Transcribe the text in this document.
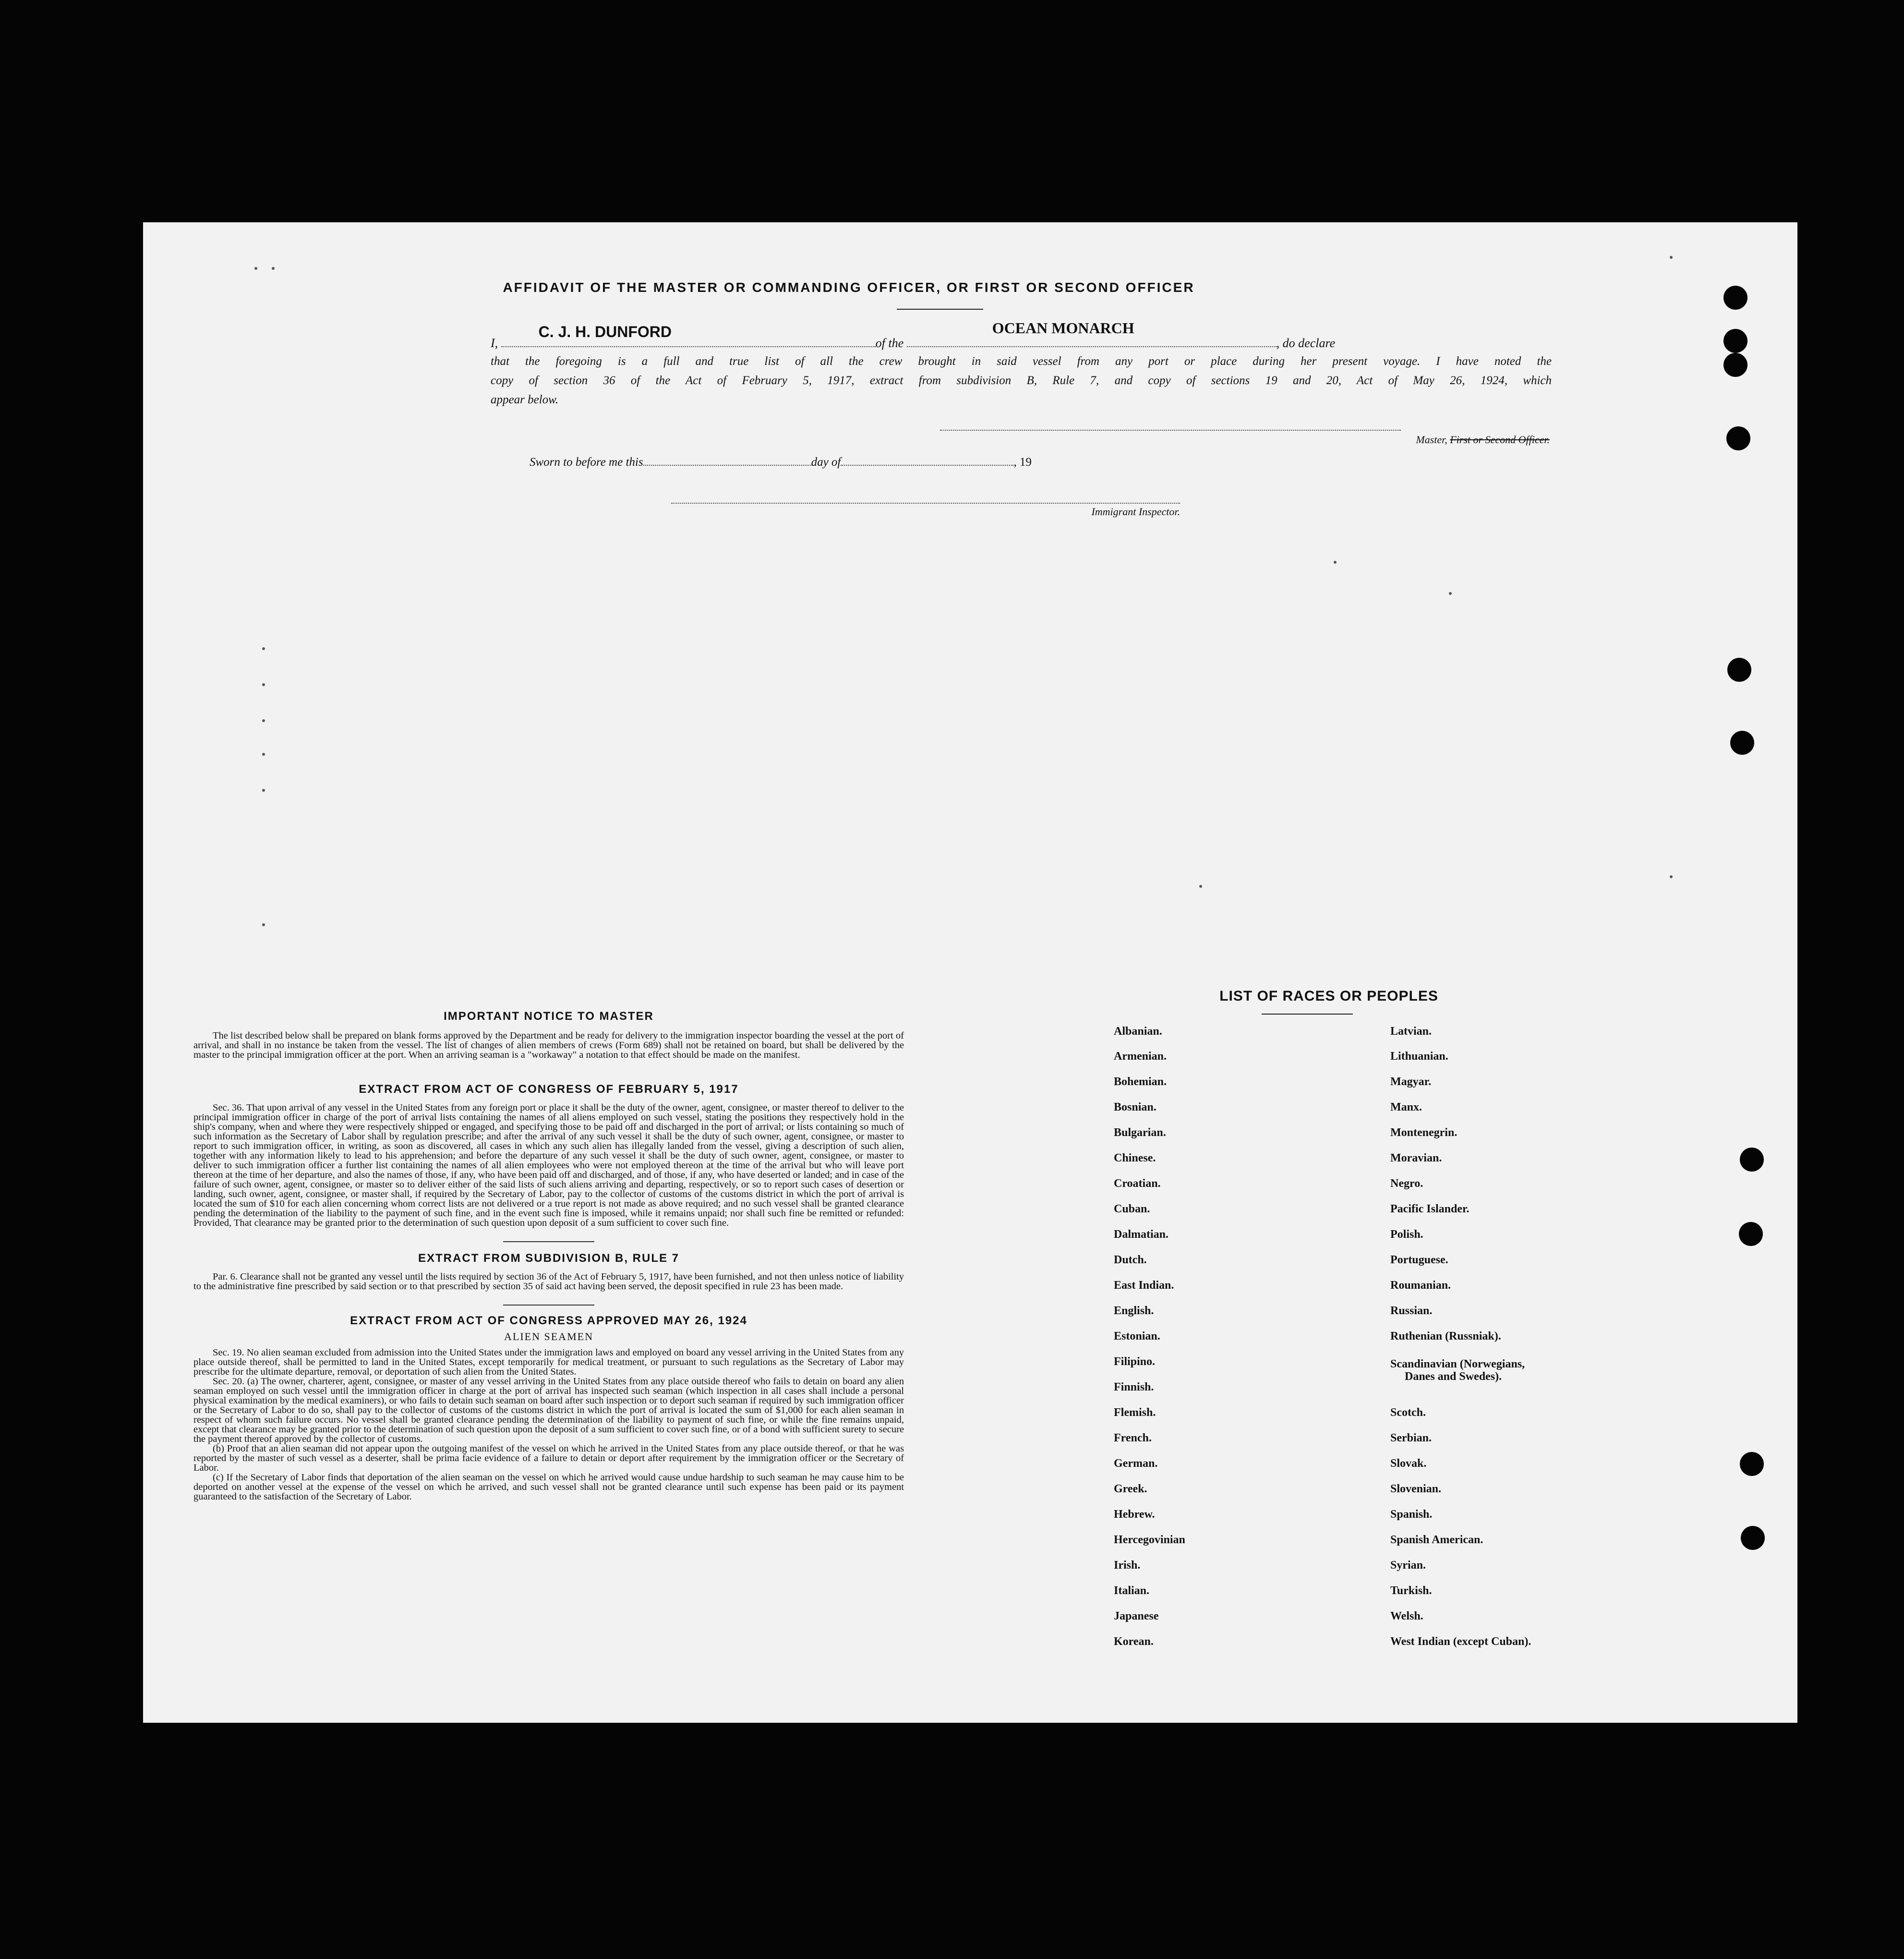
AFFIDAVIT OF THE MASTER OR COMMANDING OFFICER, OR FIRST OR SECOND OFFICER
I,
C. J. H. DUNFORD
of the
OCEAN MONARCH
, do declare
that the foregoing is a full and true list of all the crew brought in said vessel from any port or place during her present voyage. I have noted the
copy of section 36 of the Act of February 5, 1917, extract from subdivision B, Rule 7, and copy of sections 19 and 20, Act of May 26, 1924, which
appear below.
Master, First or Second Officer.
Sworn to before me this	day of	, 19
Immigrant Inspector.
IMPORTANT NOTICE TO MASTER

The list described below shall be prepared on blank forms approved by the Department and be ready for delivery to the immigration inspector boarding the vessel at the port of arrival, and shall in no instance be taken from the vessel. The list of changes of alien members of crews (Form 689) shall not be retained on board, but shall be delivered by the master to the principal immigration officer at the port. When an arriving seaman is a "workaway" a notation to that effect should be made on the manifest.

EXTRACT FROM ACT OF CONGRESS OF FEBRUARY 5, 1917

Sec. 36. That upon arrival of any vessel in the United States from any foreign port or place it shall be the duty of the owner, agent, consignee, or master thereof to deliver to the principal immigration officer in charge of the port of arrival lists containing the names of all aliens employed on such vessel, stating the positions they respectively hold in the ship's company, when and where they were respectively shipped or engaged, and specifying those to be paid off and discharged in the port of arrival; or lists containing so much of such information as the Secretary of Labor shall by regulation prescribe; and after the arrival of any such vessel it shall be the duty of such owner, agent, consignee, or master to report to such immigration officer, in writing, as soon as discovered, all cases in which any such alien has illegally landed from the vessel, giving a description of such alien, together with any information likely to lead to his apprehension; and before the departure of any such vessel it shall be the duty of such owner, agent, consignee, or master to deliver to such immigration officer a further list containing the names of all alien employees who were not employed thereon at the time of the arrival but who will leave port thereon at the time of her departure, and also the names of those, if any, who have been paid off and discharged, and of those, if any, who have deserted or landed; and in case of the failure of such owner, agent, consignee, or master so to deliver either of the said lists of such aliens arriving and departing, respectively, or so to report such cases of desertion or landing, such owner, agent, consignee, or master shall, if required by the Secretary of Labor, pay to the collector of customs of the customs district in which the port of arrival is located the sum of $10 for each alien concerning whom correct lists are not delivered or a true report is not made as above required; and no such vessel shall be granted clearance pending the determination of the liability to the payment of such fine, and in the event such fine is imposed, while it remains unpaid; nor shall such fine be remitted or refunded: Provided, That clearance may be granted prior to the determination of such question upon deposit of a sum sufficient to cover such fine.

EXTRACT FROM SUBDIVISION B, RULE 7

Par. 6. Clearance shall not be granted any vessel until the lists required by section 36 of the Act of February 5, 1917, have been furnished, and not then unless notice of liability to the administrative fine prescribed by said section or to that prescribed by section 35 of said act having been served, the deposit specified in rule 23 has been made.

EXTRACT FROM ACT OF CONGRESS APPROVED MAY 26, 1924
ALIEN SEAMEN

Sec. 19. No alien seaman excluded from admission into the United States under the immigration laws and employed on board any vessel arriving in the United States from any place outside thereof, shall be permitted to land in the United States, except temporarily for medical treatment, or pursuant to such regulations as the Secretary of Labor may prescribe for the ultimate departure, removal, or deportation of such alien from the United States.

Sec. 20. (a) The owner, charterer, agent, consignee, or master of any vessel arriving in the United States from any place outside thereof who fails to detain on board any alien seaman employed on such vessel until the immigration officer in charge at the port of arrival has inspected such seaman (which inspection in all cases shall include a personal physical examination by the medical examiners), or who fails to detain such seaman on board after such inspection or to deport such seaman if required by such immigration officer or the Secretary of Labor to do so, shall pay to the collector of customs of the customs district in which the port of arrival is located the sum of $1,000 for each alien seaman in respect of whom such failure occurs. No vessel shall be granted clearance pending the determination of the liability to payment of such fine, or while the fine remains unpaid, except that clearance may be granted prior to the determination of such question upon the deposit of a sum sufficient to cover such fine, or of a bond with sufficient surety to secure the payment thereof approved by the collector of customs.

(b) Proof that an alien seaman did not appear upon the outgoing manifest of the vessel on which he arrived in the United States from any place outside thereof, or that he was reported by the master of such vessel as a deserter, shall be prima facie evidence of a failure to detain or deport after requirement by the immigration officer or the Secretary of Labor.

(c) If the Secretary of Labor finds that deportation of the alien seaman on the vessel on which he arrived would cause undue hardship to such seaman he may cause him to be deported on another vessel at the expense of the vessel on which he arrived, and such vessel shall not be granted clearance until such expense has been paid or its payment guaranteed to the satisfaction of the Secretary of Labor.

LIST OF RACES OR PEOPLES
Albanian.
Armenian.
Bohemian.
Bosnian.
Bulgarian.
Chinese.
Croatian.
Cuban.
Dalmatian.
Dutch.
East Indian.
English.
Estonian.
Filipino.
Finnish.
Flemish.
French.
German.
Greek.
Hebrew.
Hercegovinian
Irish.
Italian.
Japanese
Korean.
Latvian.
Lithuanian.
Magyar.
Manx.
Montenegrin.
Moravian.
Negro.
Pacific Islander.
Polish.
Portuguese.
Roumanian.
Russian.
Ruthenian (Russniak).
Scandinavian (Norwegians,
Danes and Swedes).
Scotch.
Serbian.
Slovak.
Slovenian.
Spanish.
Spanish American.
Syrian.
Turkish.
Welsh.
West Indian (except Cuban).
